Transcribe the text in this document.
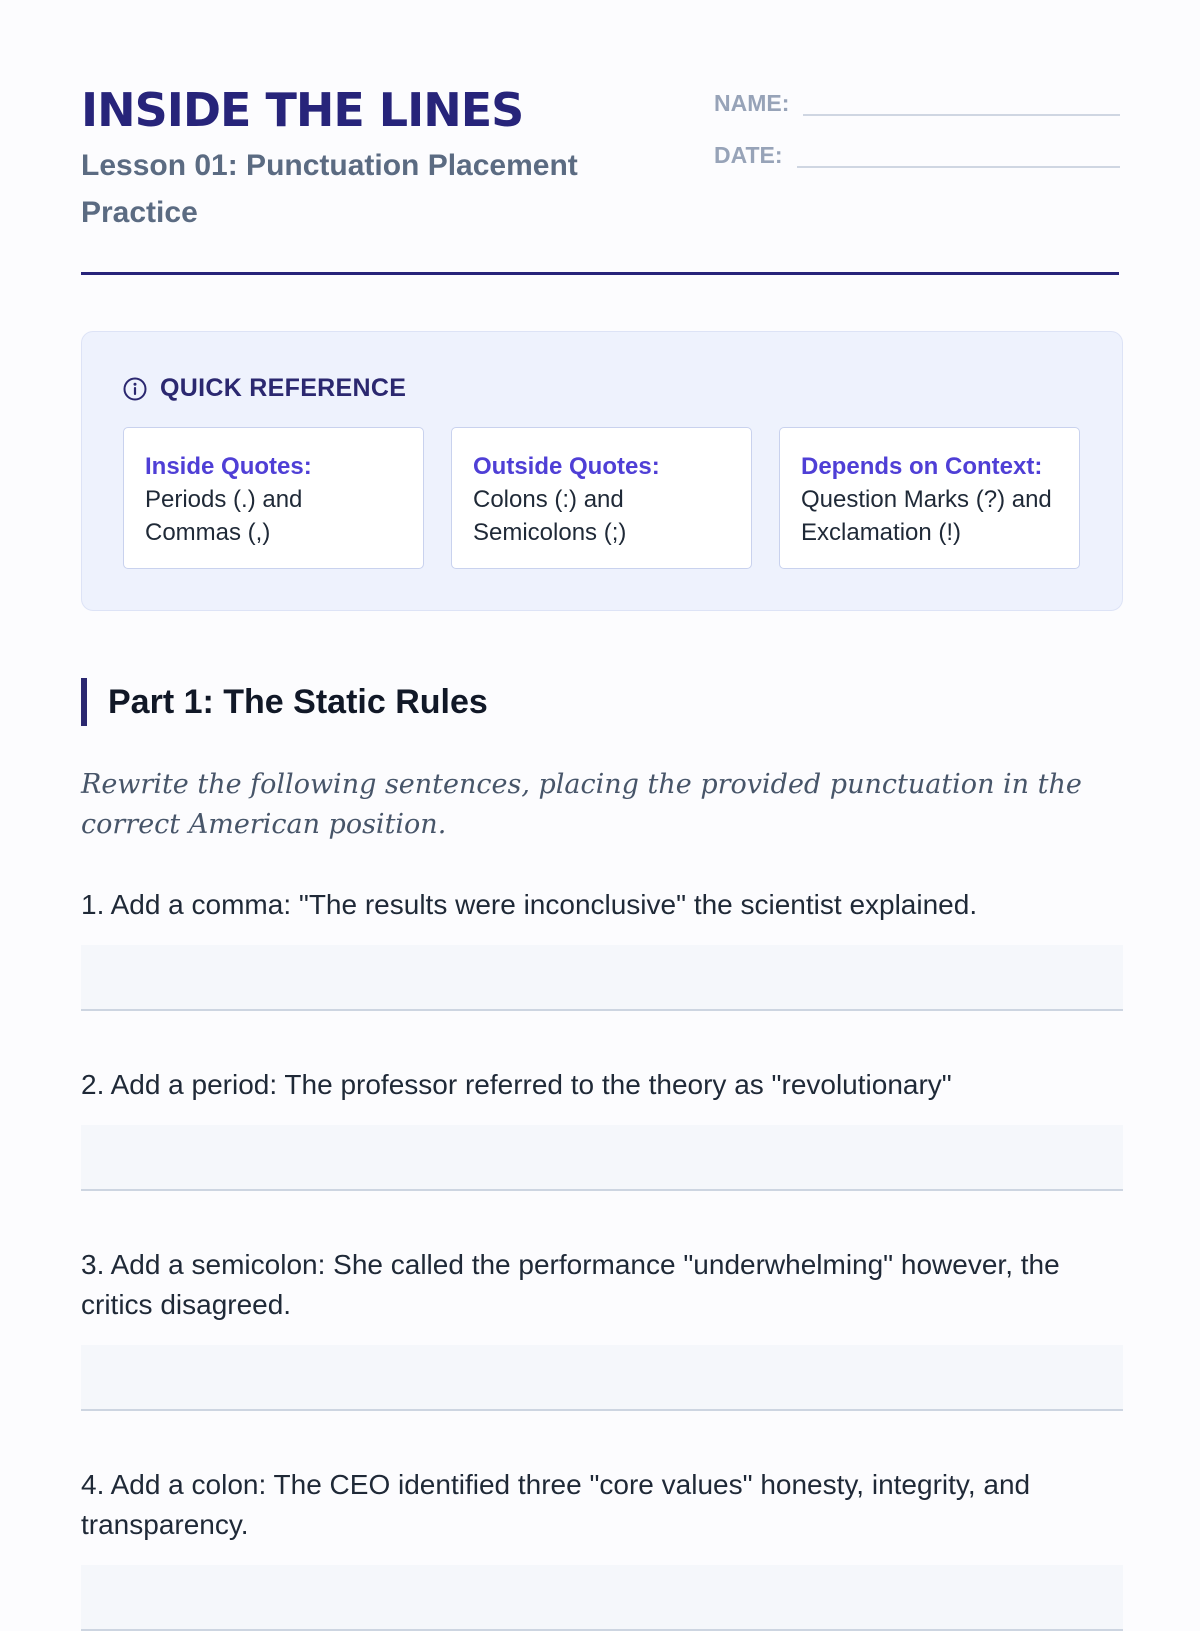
INSIDE THE LINES
Lesson 01: Punctuation Placement Practice
NAME:
DATE:
QUICK REFERENCE
Inside Quotes:
Periods (.) and Commas (,)
Outside Quotes:
Colons (:) and Semicolons (;)
Depends on Context:
Question Marks (?) and Exclamation (!)
Part 1: The Static Rules

Rewrite the following sentences, placing the provided punctuation in the correct American position.

1. Add a comma: "The results were inconclusive" the scientist explained.

2. Add a period: The professor referred to the theory as "revolutionary"

3. Add a semicolon: She called the performance "underwhelming" however, the critics disagreed.

4. Add a colon: The CEO identified three "core values" honesty, integrity, and transparency.
